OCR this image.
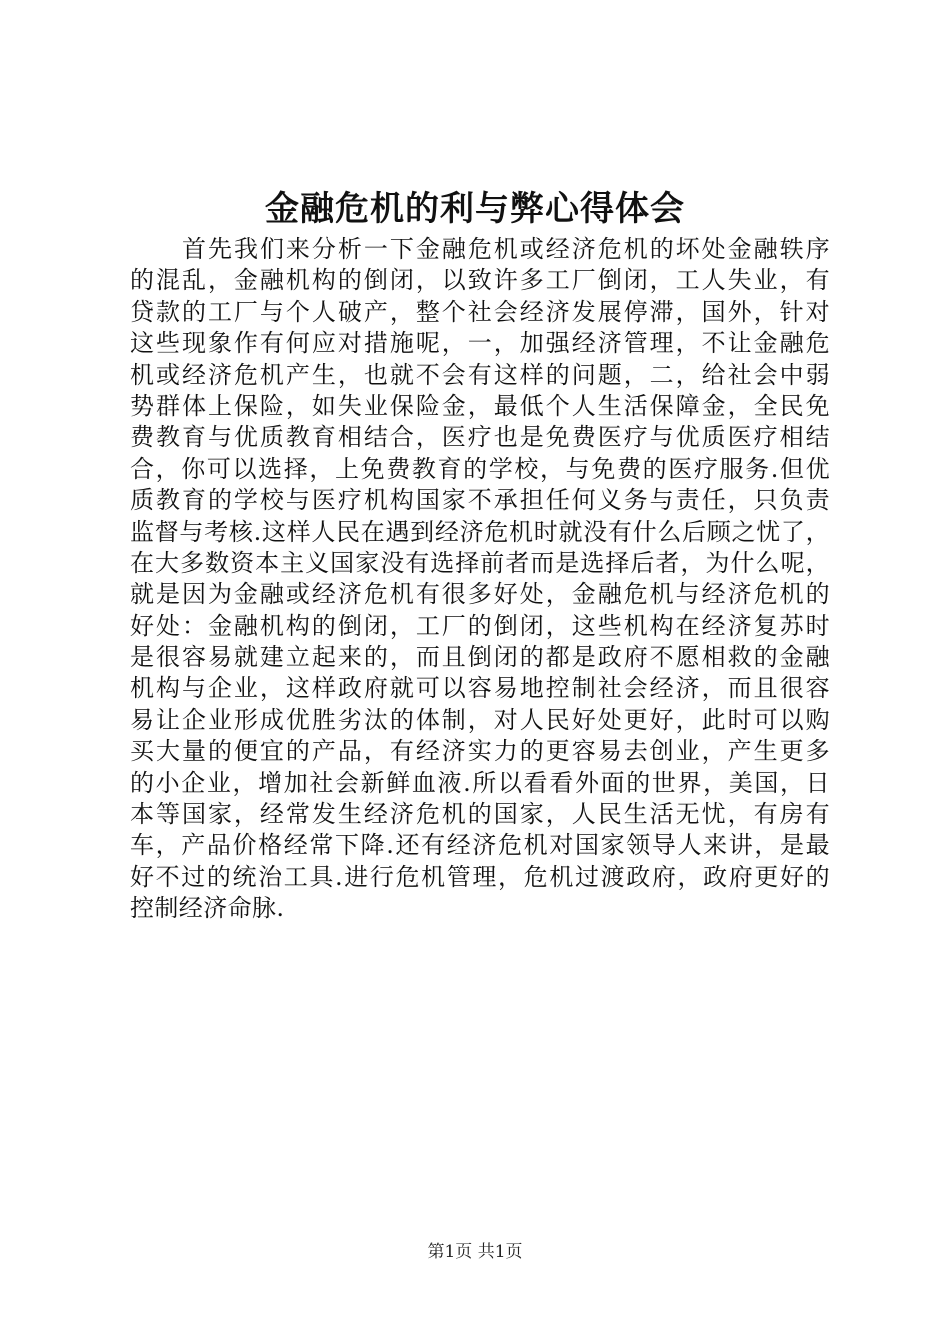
金融危机的利与弊心得体会
首先我们来分析一下金融危机或经济危机的坏处金融轶序
的混乱，金融机构的倒闭，以致许多工厂倒闭，工人失业，有
贷款的工厂与个人破产，整个社会经济发展停滞，国外，针对
这些现象作有何应对措施呢，一，加强经济管理，不让金融危
机或经济危机产生，也就不会有这样的问题，二，给社会中弱
势群体上保险，如失业保险金，最低个人生活保障金，全民免
费教育与优质教育相结合，医疗也是免费医疗与优质医疗相结
合，你可以选择，上免费教育的学校，与免费的医疗服务.但优
质教育的学校与医疗机构国家不承担任何义务与责任，只负责
监督与考核.这样人民在遇到经济危机时就没有什么后顾之忧了，
在大多数资本主义国家没有选择前者而是选择后者，为什么呢，
就是因为金融或经济危机有很多好处，金融危机与经济危机的
好处：金融机构的倒闭，工厂的倒闭，这些机构在经济复苏时
是很容易就建立起来的，而且倒闭的都是政府不愿相救的金融
机构与企业，这样政府就可以容易地控制社会经济，而且很容
易让企业形成优胜劣汰的体制，对人民好处更好，此时可以购
买大量的便宜的产品，有经济实力的更容易去创业，产生更多
的小企业，增加社会新鲜血液.所以看看外面的世界，美国，日
本等国家，经常发生经济危机的国家，人民生活无忧，有房有
车，产品价格经常下降.还有经济危机对国家领导人来讲，是最
好不过的统治工具.进行危机管理，危机过渡政府，政府更好的
控制经济命脉.
第1页 共1页
